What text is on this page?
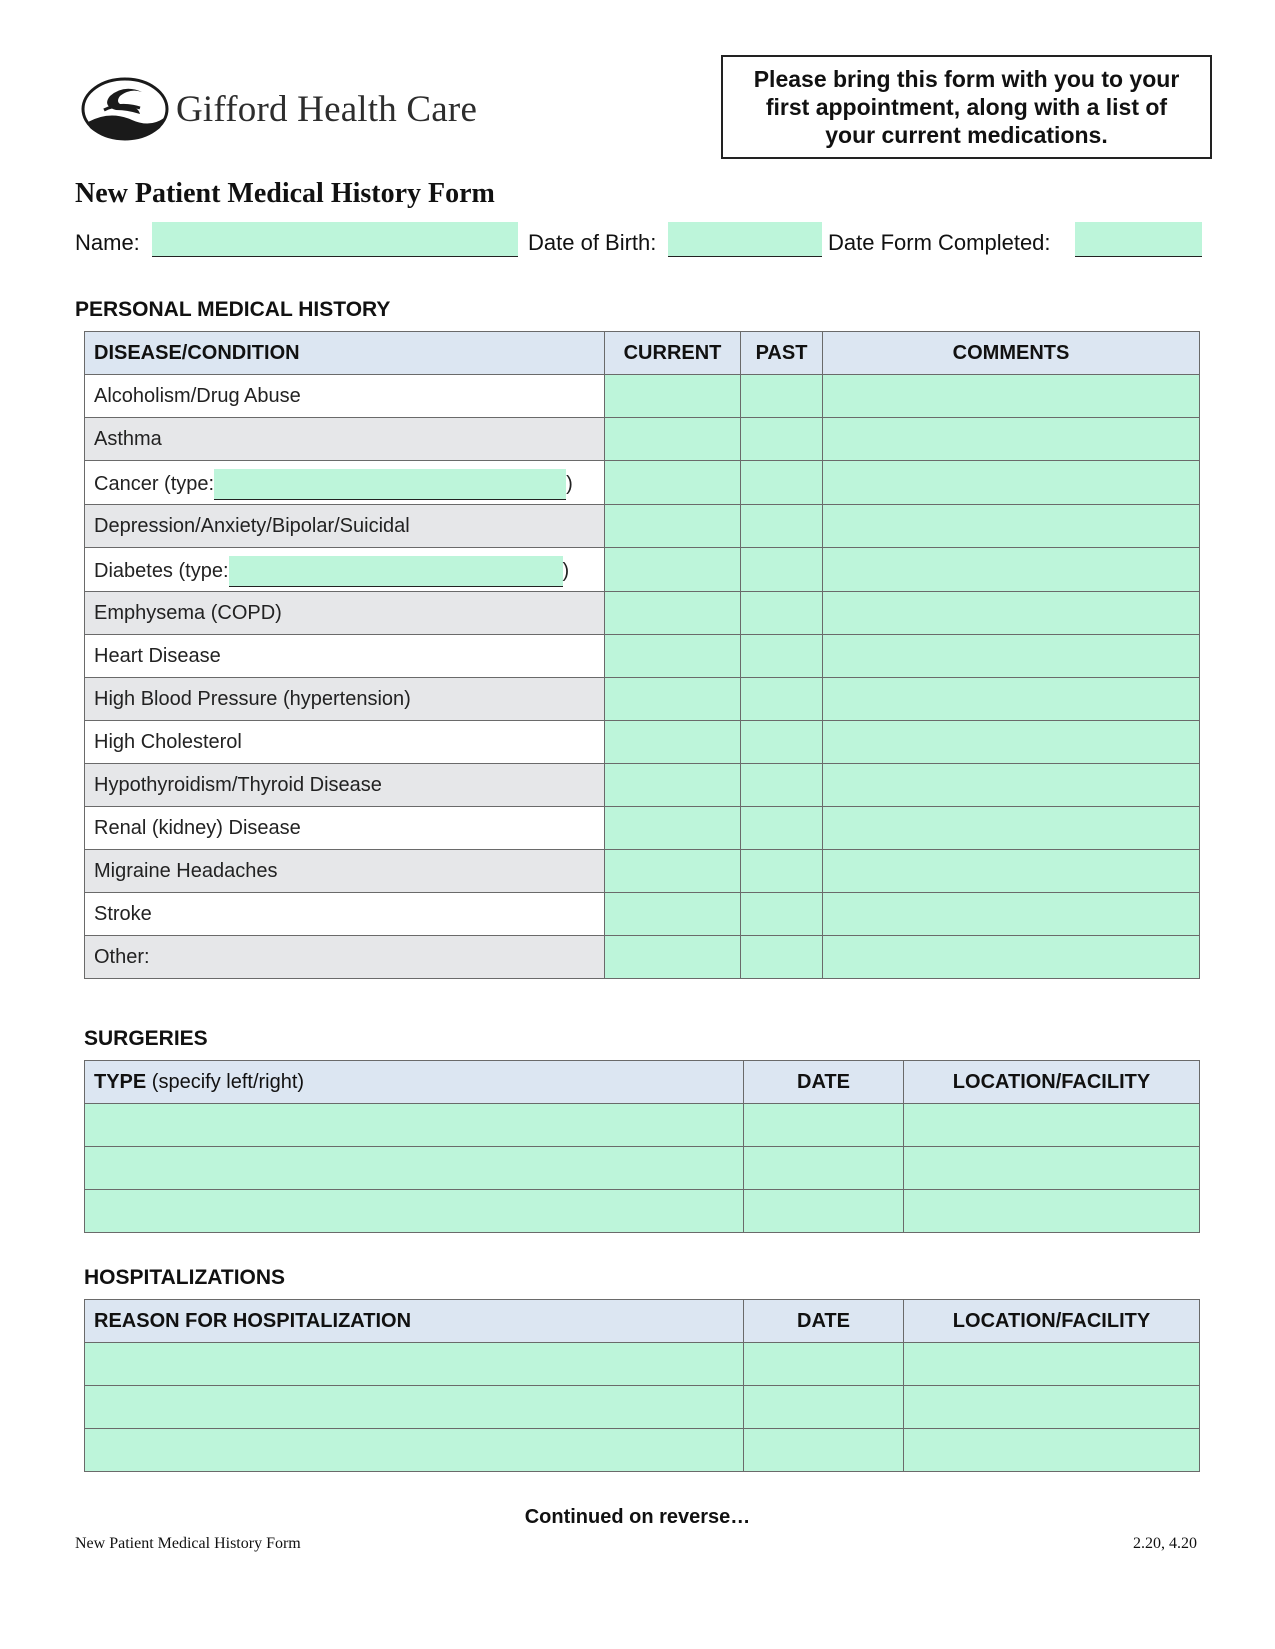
Gifford Health Care
Please bring this form with you to your first appointment, along with a list of your current medications.
New Patient Medical History Form
Name:	Date of Birth:	Date Form Completed:
PERSONAL MEDICAL HISTORY
DISEASE/CONDITION	CURRENT	PAST	COMMENTS
Alcoholism/Drug Abuse			
Asthma			

Cancer (type: )			

Depression/Anxiety/Bipolar/Suicidal			

Diabetes (type: )			

Emphysema (COPD)			
Heart Disease			
High Blood Pressure (hypertension)			
High Cholesterol			
Hypothyroidism/Thyroid Disease			
Renal (kidney) Disease			
Migraine Headaches			
Stroke			
Other:			
SURGERIES
TYPE (specify left/right)	DATE	LOCATION/FACILITY

HOSPITALIZATIONS
REASON FOR HOSPITALIZATION	DATE	LOCATION/FACILITY

Continued on reverse…
New Patient Medical History Form	2.20, 4.20
